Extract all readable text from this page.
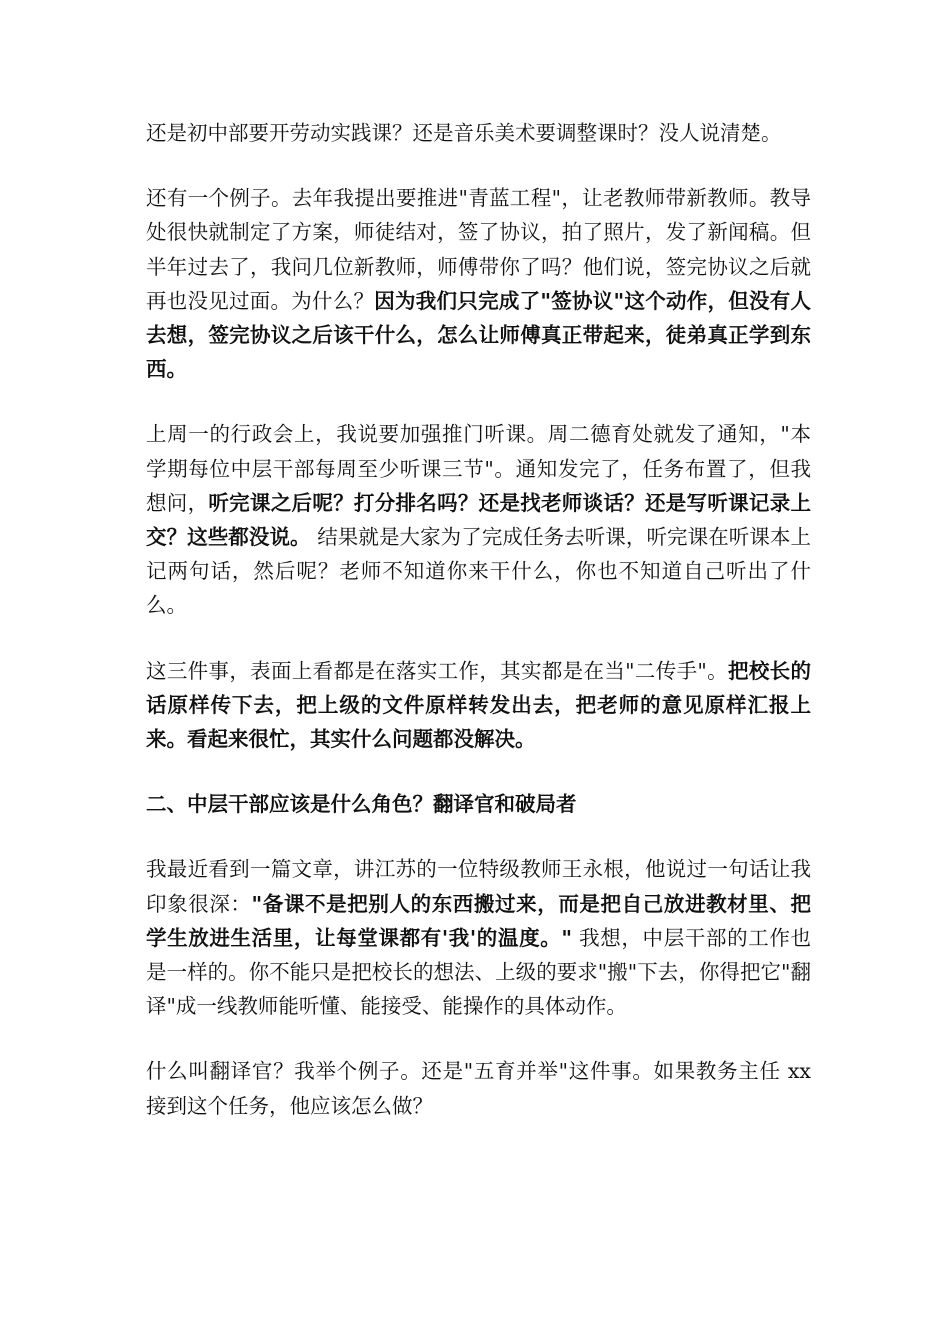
还是初中部要开劳动实践课？还是音乐美术要调整课时？没人说清楚。

还有一个例子。去年我提出要推进"青蓝工程"，让老教师带新教师。教导处很快就制定了方案，师徒结对，签了协议，拍了照片，发了新闻稿。但半年过去了，我问几位新教师，师傅带你了吗？他们说，签完协议之后就再也没见过面。为什么？因为我们只完成了"签协议"这个动作，但没有人去想，签完协议之后该干什么，怎么让师傅真正带起来，徒弟真正学到东西。

上周一的行政会上，我说要加强推门听课。周二德育处就发了通知，"本学期每位中层干部每周至少听课三节"。通知发完了，任务布置了，但我想问，听完课之后呢？打分排名吗？还是找老师谈话？还是写听课记录上交？这些都没说。 结果就是大家为了完成任务去听课，听完课在听课本上记两句话，然后呢？老师不知道你来干什么，你也不知道自己听出了什么。

这三件事，表面上看都是在落实工作，其实都是在当"二传手"。把校长的话原样传下去，把上级的文件原样转发出去，把老师的意见原样汇报上来。看起来很忙，其实什么问题都没解决。

二、中层干部应该是什么角色？翻译官和破局者

我最近看到一篇文章，讲江苏的一位特级教师王永根，他说过一句话让我印象很深："备课不是把别人的东西搬过来，而是把自己放进教材里、把学生放进生活里，让每堂课都有'我'的温度。" 我想，中层干部的工作也是一样的。你不能只是把校长的想法、上级的要求"搬"下去，你得把它"翻译"成一线教师能听懂、能接受、能操作的具体动作。

什么叫翻译官？我举个例子。还是"五育并举"这件事。如果教务主任 xx 接到这个任务，他应该怎么做？
